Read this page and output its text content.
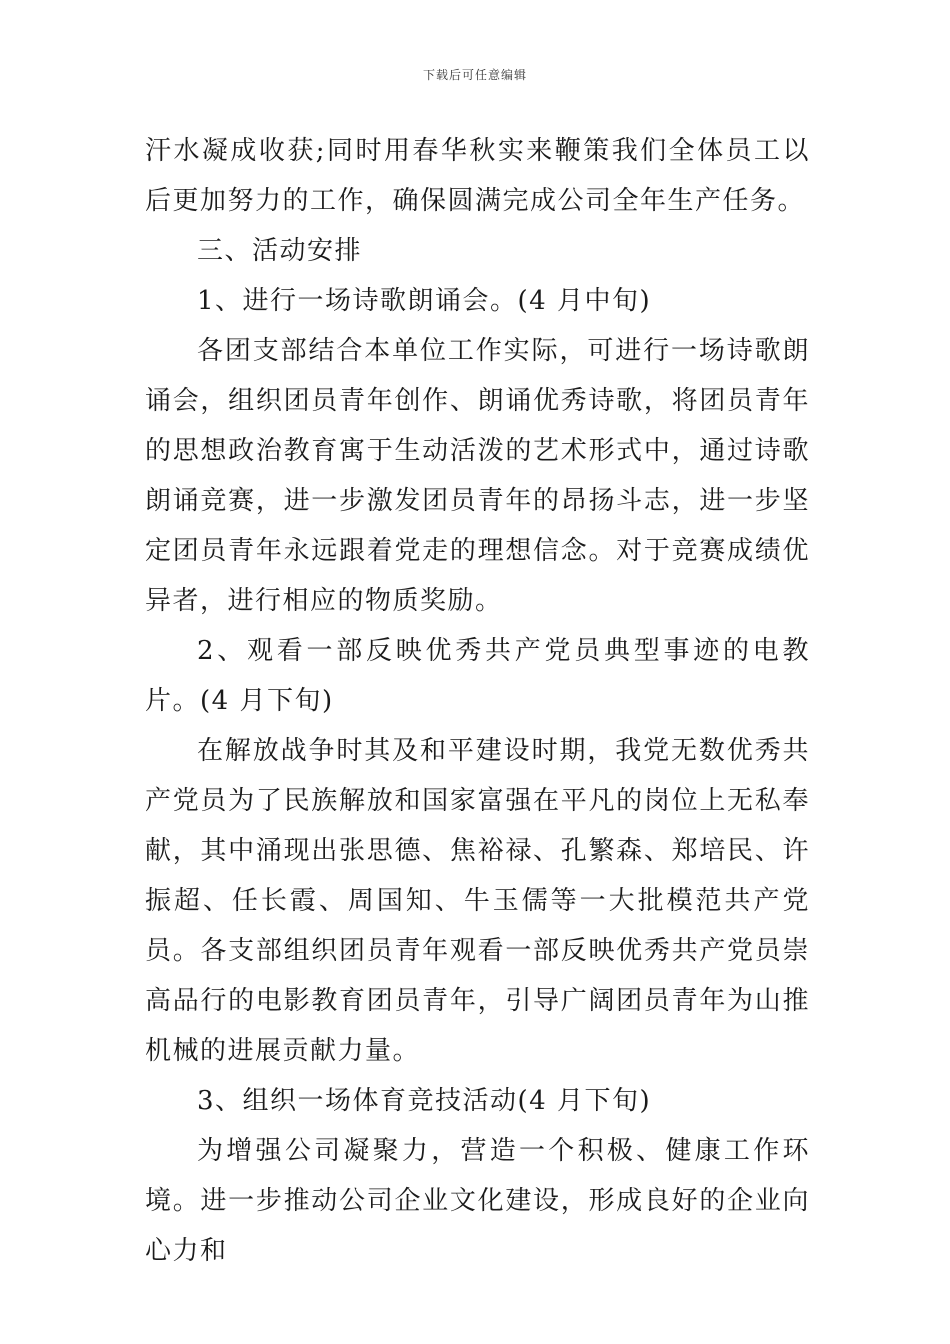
下载后可任意编辑

汗水凝成收获;同时用春华秋实来鞭策我们全体员工以后更加努力的工作，确保圆满完成公司全年生产任务。

三、活动安排

1、进行一场诗歌朗诵会。(4 月中旬)

各团支部结合本单位工作实际，可进行一场诗歌朗诵会，组织团员青年创作、朗诵优秀诗歌，将团员青年的思想政治教育寓于生动活泼的艺术形式中，通过诗歌朗诵竞赛，进一步激发团员青年的昂扬斗志，进一步坚定团员青年永远跟着党走的理想信念。对于竞赛成绩优异者，进行相应的物质奖励。

2、观看一部反映优秀共产党员典型事迹的电教片。(4 月下旬)

在解放战争时其及和平建设时期，我党无数优秀共产党员为了民族解放和国家富强在平凡的岗位上无私奉献，其中涌现出张思德、焦裕禄、孔繁森、郑培民、许振超、任长霞、周国知、牛玉儒等一大批模范共产党员。各支部组织团员青年观看一部反映优秀共产党员崇高品行的电影教育团员青年，引导广阔团员青年为山推机械的进展贡献力量。

3、组织一场体育竞技活动(4 月下旬)

为增强公司凝聚力，营造一个积极、健康工作环境。进一步推动公司企业文化建设，形成良好的企业向心力和
